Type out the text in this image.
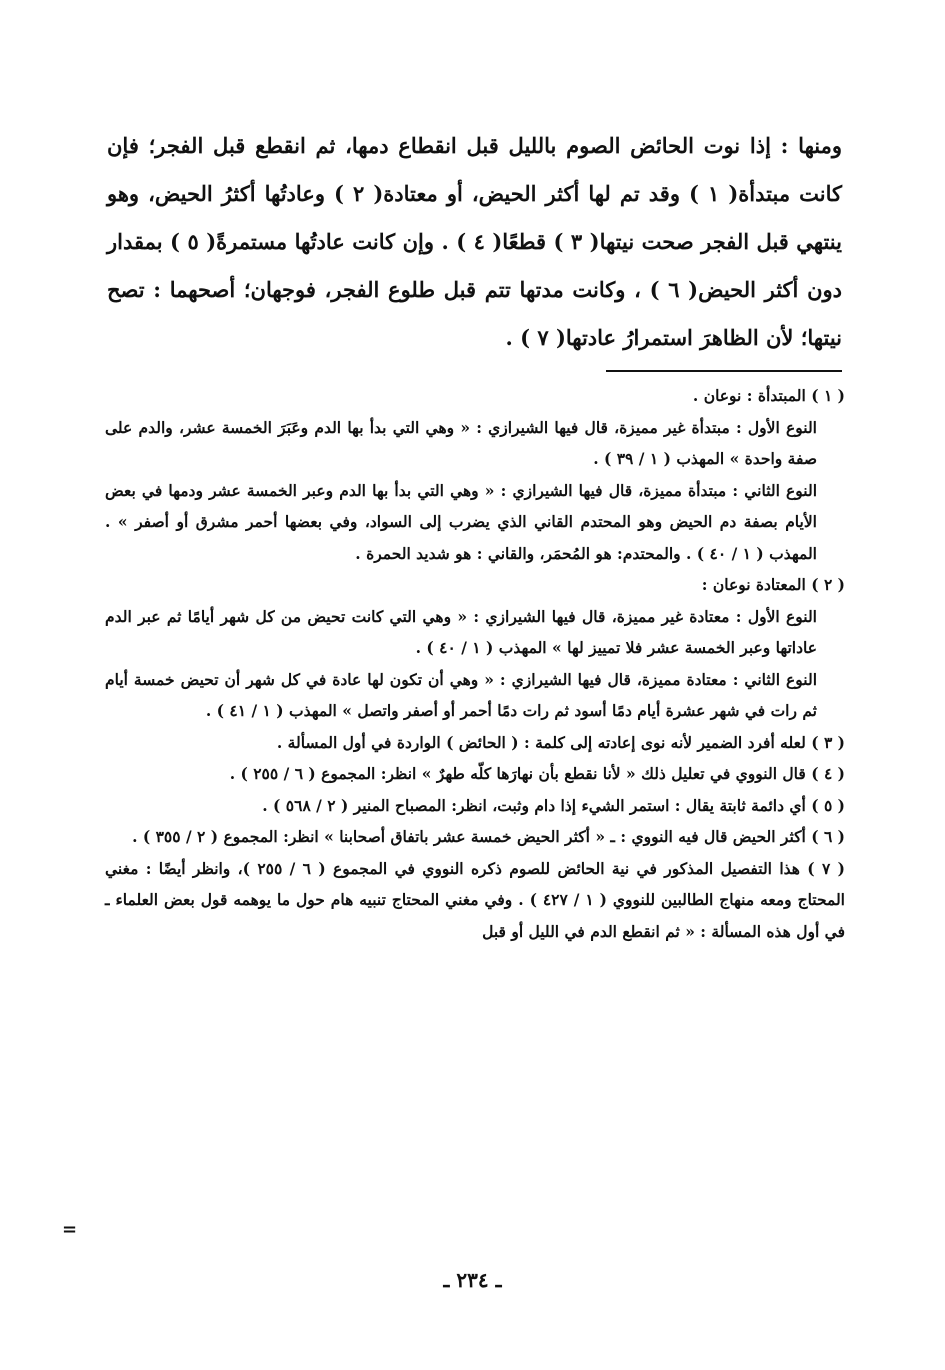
ومنها : إذا نوت الحائض الصوم بالليل قبل انقطاع دمها، ثم انقطع قبل الفجر؛ فإن كانت مبتدأة( ١ ) وقد تم لها أكثر الحيض، أو معتادة( ٢ ) وعادتُها أكثرُ الحيض، وهو ينتهي قبل الفجر صحت نيتها( ٣ ) قطعًا( ٤ ) . وإن كانت عادتُها مستمرةً( ٥ ) بمقدار دون أكثر الحيض( ٦ ) ، وكانت مدتها تتم قبل طلوع الفجر، فوجهان؛ أصحهما : تصح نيتها؛ لأن الظاهرَ استمرارُ عادتها( ٧ ) .

( ١ ) المبتدأة : نوعان .

النوع الأول : مبتدأة غير مميزة، قال فيها الشيرازي : « وهي التي بدأ بها الدم وعَبَرَ الخمسة عشر، والدم على صفة واحدة » المهذب ( ١ / ٣٩ ) .

النوع الثاني : مبتدأة مميزة، قال فيها الشيرازي : « وهي التي بدأ بها الدم وعبر الخمسة عشر ودمها في بعض الأيام بصفة دم الحيض وهو المحتدم القاني الذي يضرب إلى السواد، وفي بعضها أحمر مشرق أو أصفر » . المهذب ( ١ / ٤٠ ) . والمحتدم: هو المُحمَر، والقاني : هو شديد الحمرة .

( ٢ ) المعتادة نوعان :

النوع الأول : معتادة غير مميزة، قال فيها الشيرازي : « وهي التي كانت تحيض من كل شهر أيامًا ثم عبر الدم عاداتها وعبر الخمسة عشر فلا تمييز لها » المهذب ( ١ / ٤٠ ) .

النوع الثاني : معتادة مميزة، قال فيها الشيرازي : « وهي أن تكون لها عادة في كل شهر أن تحيض خمسة أيام ثم رات في شهر عشرة أيام دمًا أسود ثم رات دمًا أحمر أو أصفر واتصل » المهذب ( ١ / ٤١ ) .

( ٣ ) لعله أفرد الضمير لأنه نوى إعادته إلى كلمة : ( الحائض ) الواردة في أول المسألة .

( ٤ ) قال النووي في تعليل ذلك « لأنا نقطع بأن نهارَها كلّه طهرٌ » انظر: المجموع ( ٦ / ٢٥٥ ) .

( ٥ ) أي دائمة ثابتة يقال : استمر الشيء إذا دام وثبت، انظر: المصباح المنير ( ٢ / ٥٦٨ ) .

( ٦ ) أكثر الحيض قال فيه النووي : ـ « أكثر الحيض خمسة عشر باتفاق أصحابنا » انظر: المجموع ( ٢ / ٣٥٥ ) .

( ٧ ) هذا التفصيل المذكور في نية الحائض للصوم ذكره النووي في المجموع ( ٦ / ٢٥٥ )، وانظر أيضًا : مغني المحتاج ومعه منهاج الطالبين للنووي ( ١ / ٤٢٧ ) . وفي مغني المحتاج تنبيه هام حول ما يوهمه قول بعض العلماء ـ في أول هذه المسألة : « ثم انقطع الدم في الليل أو قبل

=
ـ ٢٣٤ ـ
